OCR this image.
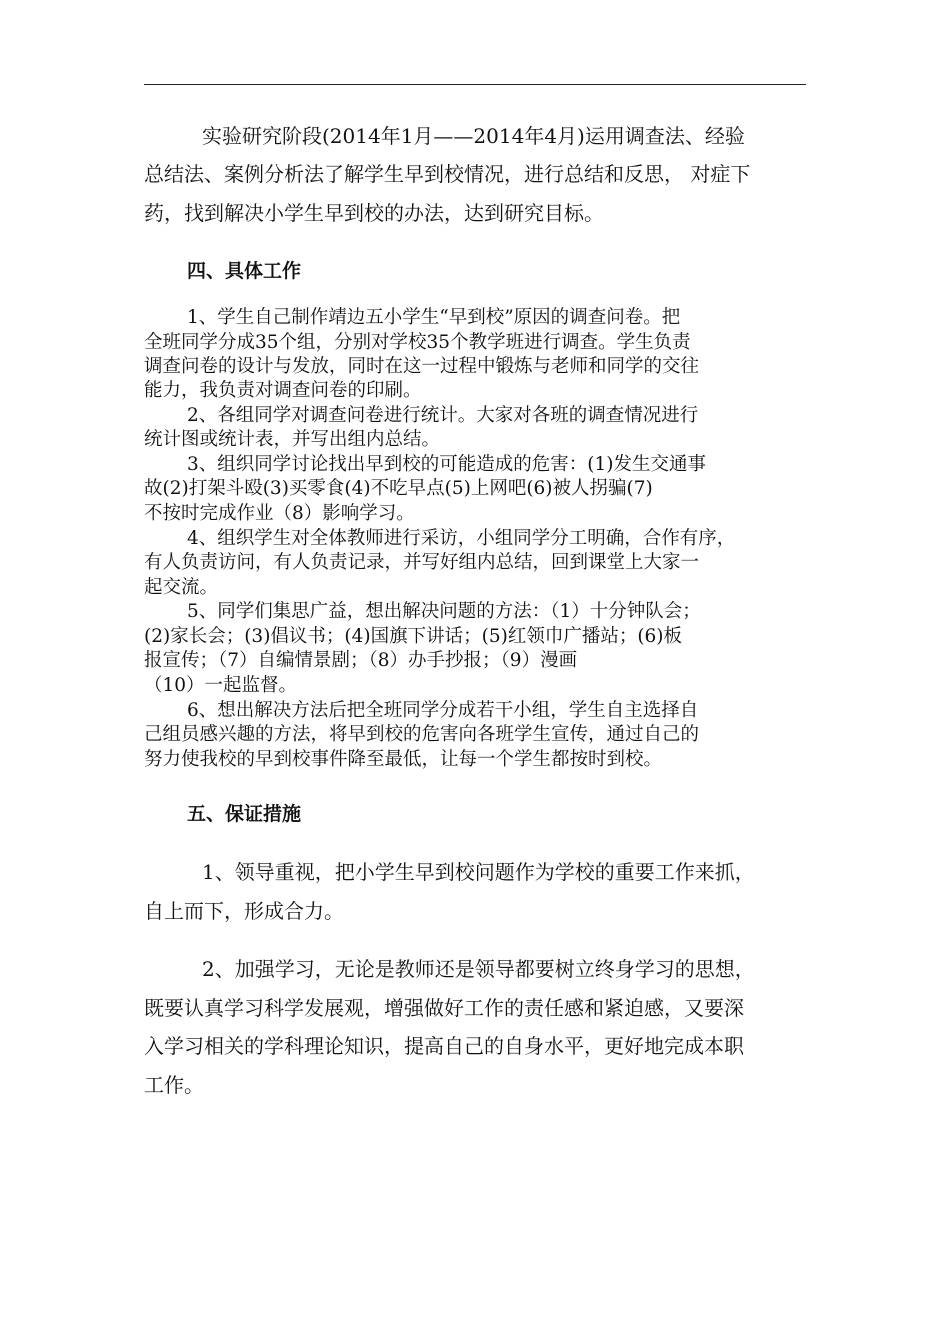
实验研究阶段(2014年1月——2014年4月)运用调查法、经验

总结法、案例分析法了解学生早到校情况，进行总结和反思， 对症下

药，找到解决小学生早到校的办法，达到研究目标。

四、具体工作

1、学生自己制作靖边五小学生“早到校”原因的调查问卷。把

全班同学分成35个组，分别对学校35个教学班进行调查。学生负责

调查问卷的设计与发放，同时在这一过程中锻炼与老师和同学的交往

能力，我负责对调查问卷的印刷。

2、各组同学对调查问卷进行统计。大家对各班的调查情况进行

统计图或统计表，并写出组内总结。

3、组织同学讨论找出早到校的可能造成的危害：(1)发生交通事

故(2)打架斗殴(3)买零食(4)不吃早点(5)上网吧(6)被人拐骗(7)

不按时完成作业（8）影响学习。

4、组织学生对全体教师进行采访，小组同学分工明确，合作有序，

有人负责访问，有人负责记录，并写好组内总结，回到课堂上大家一

起交流。

5、同学们集思广益，想出解决问题的方法：（1）十分钟队会；

(2)家长会；(3)倡议书；(4)国旗下讲话；(5)红领巾广播站；(6)板

报宣传；（7）自编情景剧；（8）办手抄报；（9）漫画

（10）一起监督。

6、想出解决方法后把全班同学分成若干小组，学生自主选择自

己组员感兴趣的方法，将早到校的危害向各班学生宣传，通过自己的

努力使我校的早到校事件降至最低，让每一个学生都按时到校。

五、保证措施

1、领导重视，把小学生早到校问题作为学校的重要工作来抓，

自上而下，形成合力。

2、加强学习，无论是教师还是领导都要树立终身学习的思想，

既要认真学习科学发展观，增强做好工作的责任感和紧迫感，又要深

入学习相关的学科理论知识，提高自己的自身水平，更好地完成本职

工作。
